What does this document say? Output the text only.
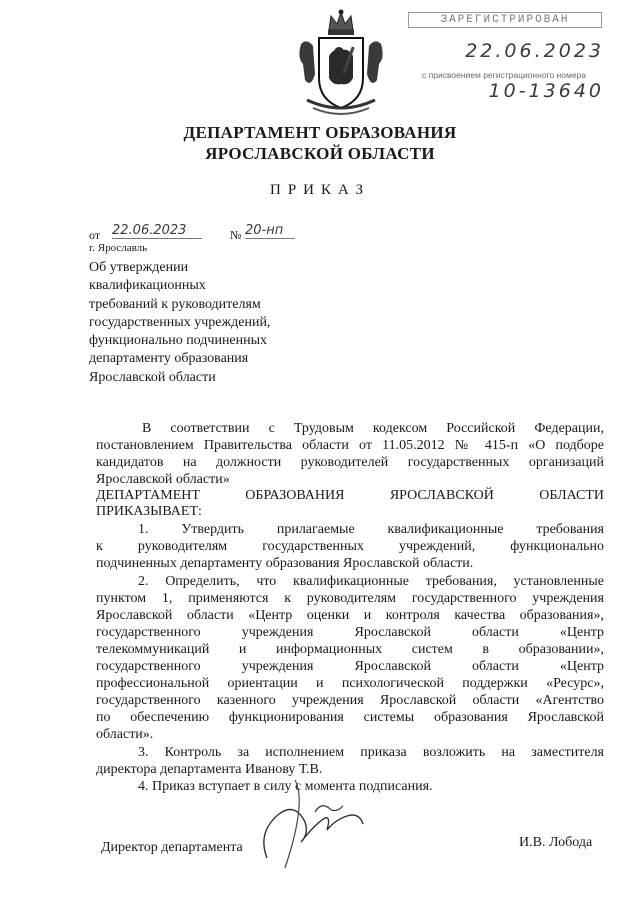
ЗАРЕГИСТРИРОВАН
22.06.2023
с присвоением регистрационного номера
10-13640
ДЕПАРТАМЕНТ ОБРАЗОВАНИЯ
ЯРОСЛАВСКОЙ ОБЛАСТИ
ПРИКАЗ
от 22.06.2023	№ 20-нп
г. Ярославль
Об утверждении
квалификационных
требований к руководителям
государственных учреждений,
функционально подчиненных
департаменту образования
Ярославской области
В соответствии с Трудовым кодексом Российской Федерации,
постановлением Правительства области от 11.05.2012 № 415-п «О подборе
кандидатов на должности руководителей государственных организаций
Ярославской области»
ДЕПАРТАМЕНТ ОБРАЗОВАНИЯ ЯРОСЛАВСКОЙ ОБЛАСТИ
ПРИКАЗЫВАЕТ:
1. Утвердить прилагаемые квалификационные требования
к руководителям государственных учреждений, функционально
подчиненных департаменту образования Ярославской области.
2. Определить, что квалификационные требования, установленные
пунктом 1, применяются к руководителям государственного учреждения
Ярославской области «Центр оценки и контроля качества образования»,
государственного учреждения Ярославской области «Центр
телекоммуникаций и информационных систем в образовании»,
государственного учреждения Ярославской области «Центр
профессиональной ориентации и психологической поддержки «Ресурс»,
государственного казенного учреждения Ярославской области «Агентство
по обеспечению функционирования системы образования Ярославской
области».
3. Контроль за исполнением приказа возложить на заместителя
директора департамента Иванову Т.В.
4. Приказ вступает в силу с момента подписания.
Директор департамента	И.В. Лобода
